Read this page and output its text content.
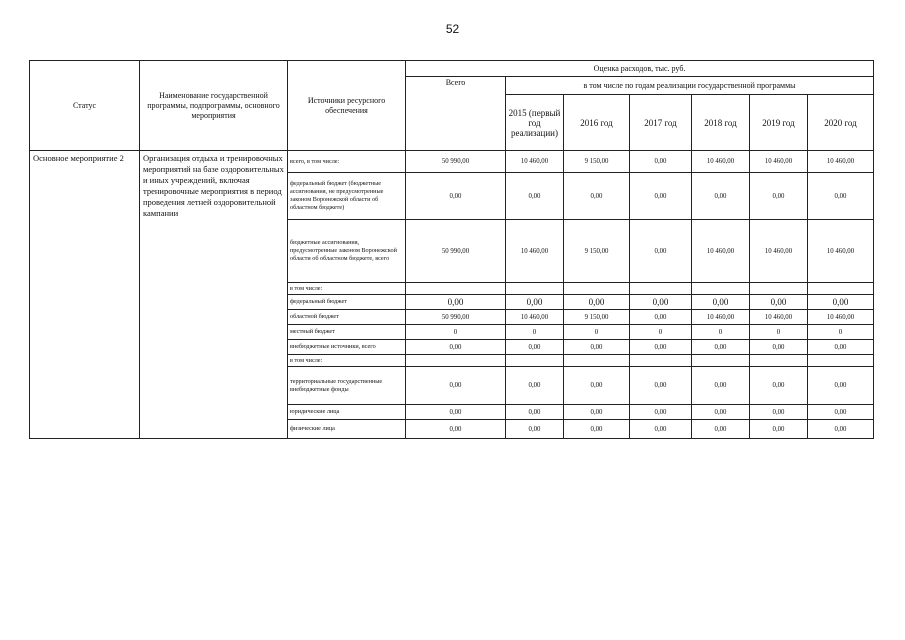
52
Статус	Наименование государственной программы, подпрограммы, основного мероприятия	Источники ресурсного обеспечения	Оценка расходов, тыс. руб.						
			Всего	в том числе по годам реализации государственной программы					
				2015 (первый год реализации)	2016 год	2017 год	2018 год	2019 год	2020 год
Основное мероприятие 2	Организация отдыха и тренировочных мероприятий на базе оздоровительных и иных учреждений, включая тренировочные мероприятия в период проведения летней оздоровительной кампании	всего, в том числе:	50 990,00	10 460,00	9 150,00	0,00	10 460,00	10 460,00	10 460,00
		федеральный бюджет (бюджетные ассигнования, не предусмотренные законом Воронежской области об областном бюджете)	0,00	0,00	0,00	0,00	0,00	0,00	0,00
		бюджетные ассигнования, предусмотренные законом Воронежской области об областном бюджете, всего	50 990,00	10 460,00	9 150,00	0,00	10 460,00	10 460,00	10 460,00
		в том числе:							
		федеральный бюджет	0,00	0,00	0,00	0,00	0,00	0,00	0,00
		областной бюджет	50 990,00	10 460,00	9 150,00	0,00	10 460,00	10 460,00	10 460,00
		местный бюджет	0	0	0	0	0	0	0
		внебюджетные источники, всего	0,00	0,00	0,00	0,00	0,00	0,00	0,00
		в том числе:							
		территориальные государственные внебюджетные фонды	0,00	0,00	0,00	0,00	0,00	0,00	0,00
		юридические лица	0,00	0,00	0,00	0,00	0,00	0,00	0,00
		физические лица	0,00	0,00	0,00	0,00	0,00	0,00	0,00
